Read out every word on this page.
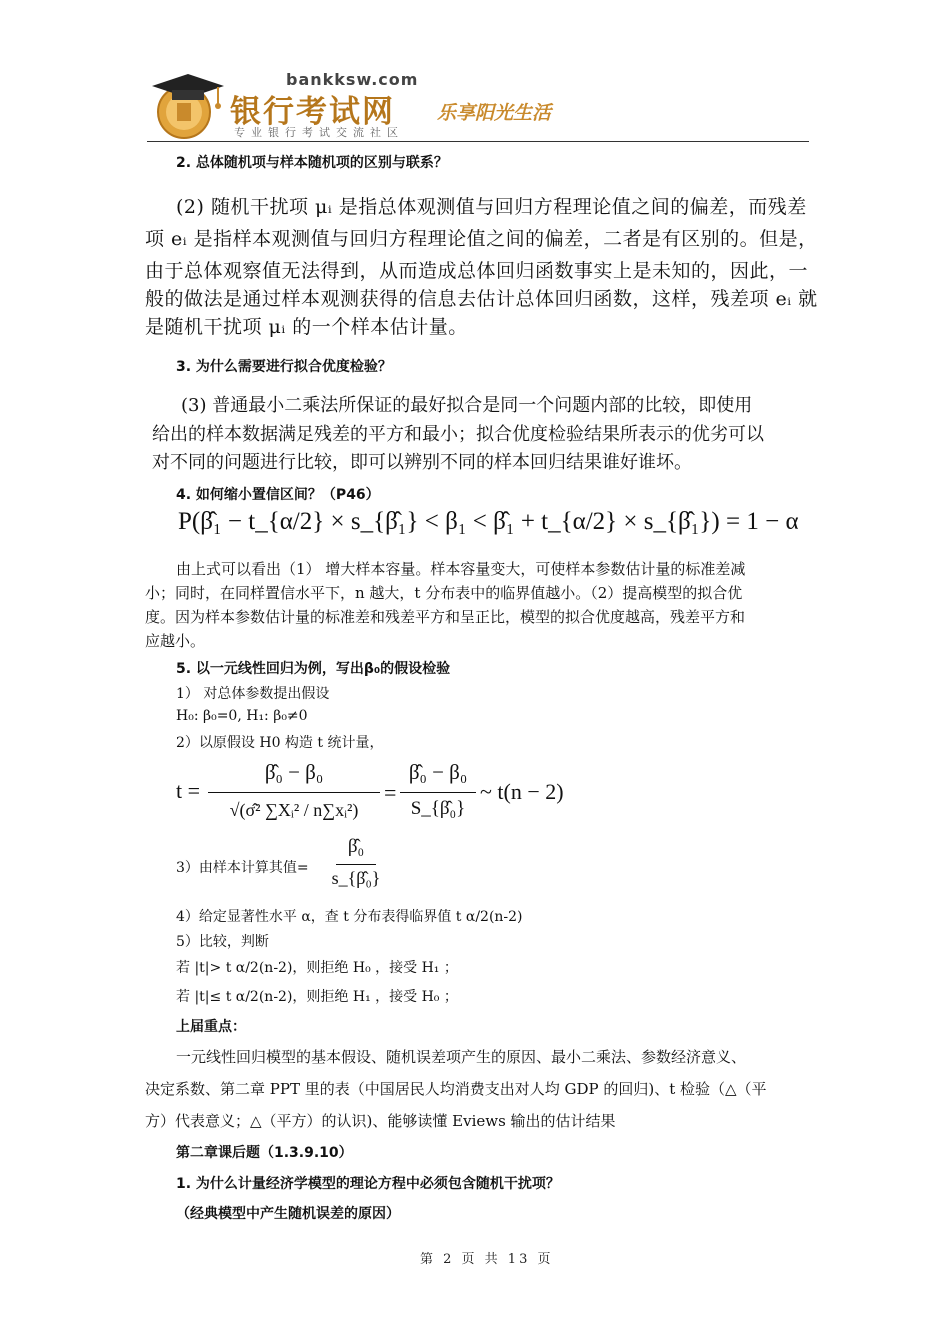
bankksw.com
银行考试网 乐享阳光生活
专业银行考试交流社区
2. 总体随机项与样本随机项的区别与联系？
(2) 随机干扰项 μᵢ 是指总体观测值与回归方程理论值之间的偏差，而残差
项 eᵢ 是指样本观测值与回归方程理论值之间的偏差，二者是有区别的。但是，
由于总体观察值无法得到，从而造成总体回归函数事实上是未知的，因此，一
般的做法是通过样本观测获得的信息去估计总体回归函数，这样，残差项 eᵢ 就
是随机干扰项 μᵢ 的一个样本估计量。
3. 为什么需要进行拟合优度检验？
(3) 普通最小二乘法所保证的最好拟合是同一个问题内部的比较，即使用
给出的样本数据满足残差的平方和最小；拟合优度检验结果所表示的优劣可以
对不同的问题进行比较，即可以辨别不同的样本回归结果谁好谁坏。
4. 如何缩小置信区间？（P46）
P(β̂₁ − t_{α/2} × s_{β̂₁} < β₁ < β̂₁ + t_{α/2} × s_{β̂₁}) = 1 − α
由上式可以看出（1） 增大样本容量。样本容量变大，可使样本参数估计量的标准差减
小；同时，在同样置信水平下，n 越大，t 分布表中的临界值越小。（2）提高模型的拟合优
度。因为样本参数估计量的标准差和残差平方和呈正比，模型的拟合优度越高，残差平方和
应越小。
5. 以一元线性回归为例，写出β₀的假设检验
1） 对总体参数提出假设
H₀: β₀=0, H₁: β₀≠0
2）以原假设 H0 构造 t 统计量，
t =
β̂₀ − β₀
√(σ̂² ∑Xᵢ² / n∑xᵢ²)
=
β̂₀ − β₀
S_{β̂₀}
~ t(n − 2)
3）由样本计算其值=
β̂₀
s_{β̂₀}
4）给定显著性水平 α，查 t 分布表得临界值 t α/2(n-2)
5）比较，判断
若 |t|> t α/2(n-2)，则拒绝 H₀ ，接受 H₁ ；
若 |t|≤ t α/2(n-2)，则拒绝 H₁ ，接受 H₀ ；
上届重点：
一元线性回归模型的基本假设、随机误差项产生的原因、最小二乘法、参数经济意义、
决定系数、第二章 PPT 里的表（中国居民人均消费支出对人均 GDP 的回归)、t 检验（△（平
方）代表意义；△（平方）的认识)、能够读懂 Eviews 输出的估计结果
第二章课后题（1.3.9.10）
1. 为什么计量经济学模型的理论方程中必须包含随机干扰项？
（经典模型中产生随机误差的原因）
第 2 页 共 13 页
